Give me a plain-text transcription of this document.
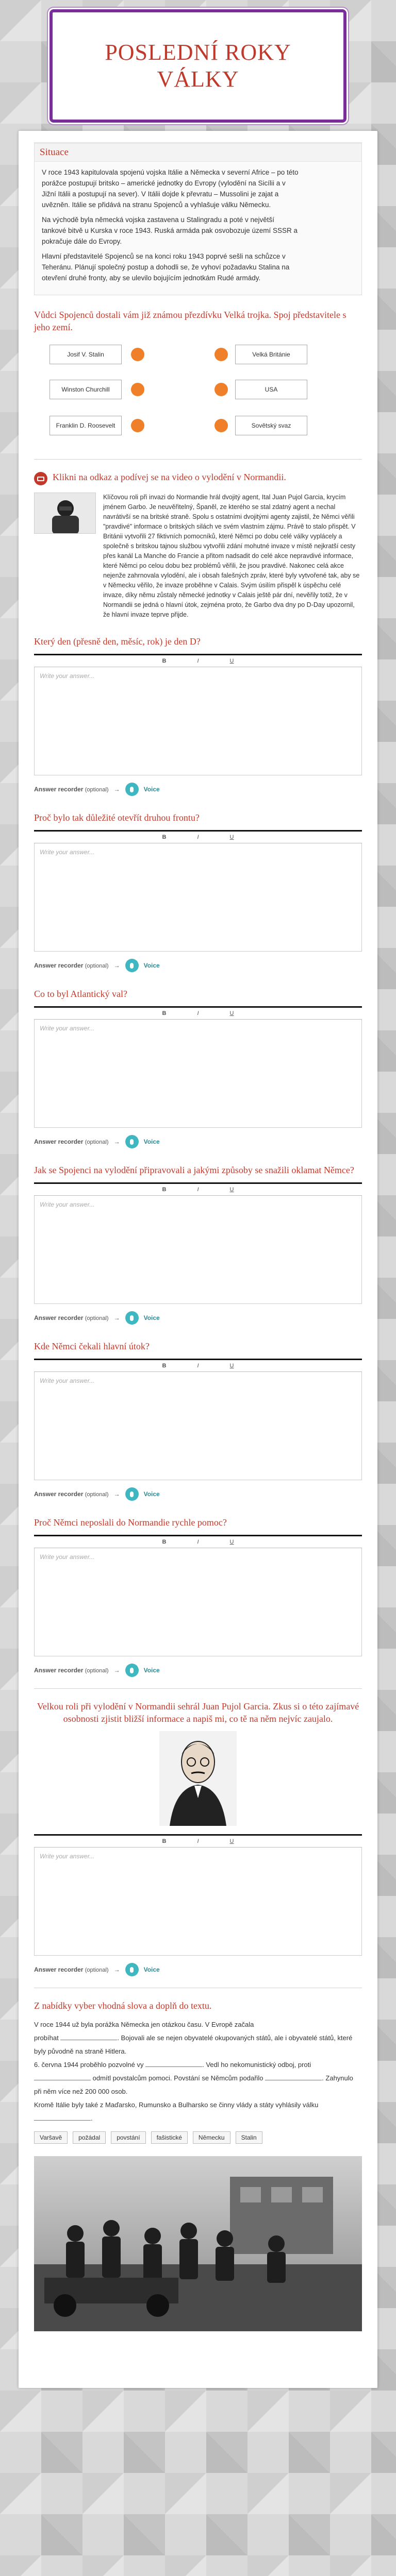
POSLEDNÍ ROKY
VÁLKY
Situace

V roce 1943 kapitulovala spojenú vojska Itálie a Německa v severní Africe – po této porážce postupují britsko – americké jednotky do Evropy (vylodění na Sicílii a v Jižní Itálii a postupují na sever). V Itálii dojde k převratu – Mussolini je zajat a uvězněn. Itálie se přidává na stranu Spojenců a vyhlašuje válku Německu.

Na východě byla německá vojska zastavena u Stalingradu a poté v největší tankové bitvě u Kurska v roce 1943. Ruská armáda pak osvobozuje území SSSR a pokračuje dále do Evropy.

Hlavní představitelé Spojenců se na konci roku 1943 poprvé sešli na schůzce v Teheránu. Plánují společný postup a dohodli se, že vyhoví požadavku Stalina na otevření druhé fronty, aby se ulevilo bojujícím jednotkám Rudé armády.

Vůdci Spojenců dostali vám již známou přezdívku Velká trojka. Spoj představitele s jeho zemí.
Josif V. Stalin
Winston Churchill
Franklin D. Roosevelt
Velká Británie
USA
Sovětský svaz
Klikni na odkaz a podívej se na video o vylodění v Normandii.

Klíčovou roli při invazi do Normandie hrál dvojitý agent, Ital Juan Pujol Garcia, krycím jménem Garbo. Je neuvěřitelný, Španěl, ze kterého se stal zdatný agent a nechal navrátivší se na britské straně. Spolu s ostatními dvojitými agenty zajistil, že Němci věřili "pravdivé" informace o britských silách ve svém vlastním zájmu. Právě to stalo přispět. V Británii vytvořili 27 fiktivních pomocníků, které Němci po dobu celé války vyplácely a společně s britskou tajnou službou vytvořili zdání mohutné invaze v místě nejkratší cesty přes kanál La Manche do Francie a přitom nadsadit do celé akce nepravdivé informace, které Němci po celou dobu bez problémů věřili, že jsou pravdivé. Nakonec celá akce nejenže zahrnovala vylodění, ale i obsah falešných zpráv, které byly vytvořené tak, aby se v Německu věřilo, že invaze proběhne v Calais. Svým úsilím přispěl k úspěchu celé invaze, díky němu zůstaly německé jednotky v Calais ještě pár dní, nevěřily totiž, že v Normandii se jedná o hlavní útok, zejména proto, že Garbo dva dny po D-Day upozornil, že hlavní invaze teprve přijde.

Který den (přesně den, měsíc, rok) je den D?
B	I	U
Write your answer...
Answer recorder (optional) →	Voice
Proč bylo tak důležité otevřít druhou frontu?
B	I	U
Write your answer...
Answer recorder (optional) →	Voice
Co to byl Atlantický val?
B	I	U
Write your answer...
Answer recorder (optional) →	Voice
Jak se Spojenci na vylodění připravovali a jakými způsoby se snažili oklamat Němce?
B	I	U
Write your answer...
Answer recorder (optional) →	Voice
Kde Němci čekali hlavní útok?
B	I	U
Write your answer...
Answer recorder (optional) →	Voice
Proč Němci neposlali do Normandie rychle pomoc?
B	I	U
Write your answer...
Answer recorder (optional) →	Voice
Velkou roli při vylodění v Normandii sehrál Juan Pujol Garcia. Zkus si o této zajímavé osobnosti zjistit bližší informace a napiš mi, co tě na něm nejvíc zaujalo.
B	I	U
Write your answer...
Answer recorder (optional) →	Voice
Z nabídky vyber vhodná slova a doplň do textu.
V roce 1944 už byla porážka Německa jen otázkou času. V Evropě začala
probíhat	. Bojovali ale se nejen obyvatelé okupovaných států, ale i obyvatelé států, které byly původně na straně Hitlera.
6. června 1944 proběhlo pozvolné vy	. Vedl ho nekomunistický odboj, proti  odmítl povstalcům pomoci. Povstání se Němcům podařilo	. Zahynulo při něm více než 200 000 osob.
Kromě Itálie byly také z Maďarsko, Rumunsko a Bulharsko se činny vlády a státy vyhlásily válku .
Varšavě	požádal	povstání	fašistické	Německu	Stalin
